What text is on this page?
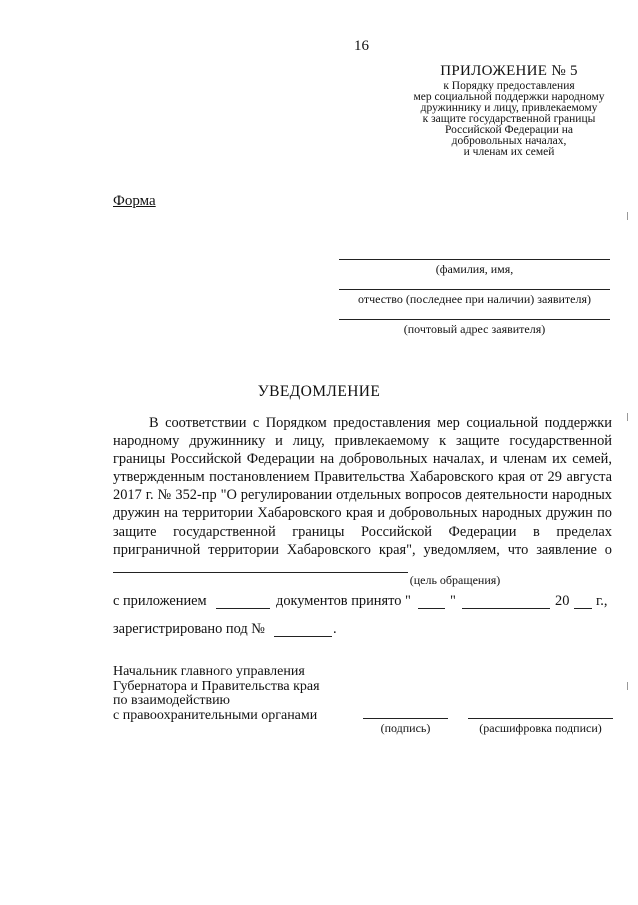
16
ПРИЛОЖЕНИЕ № 5
к Порядку предоставления
мер социальной поддержки народному
дружиннику и лицу, привлекаемому
к защите государственной границы
Российской Федерации на
добровольных началах,
и членам их семей
Форма
(фамилия, имя,
отчество (последнее при наличии) заявителя)
(почтовый адрес заявителя)
УВЕДОМЛЕНИЕ
В соответствии с Порядком предоставления мер социальной поддержки народному дружиннику и лицу, привлекаемому к защите государственной границы Российской Федерации на добровольных началах, и членам их семей, утвержденным постановлением Правительства Хабаровского края от 29 августа 2017 г. № 352-пр "О регулировании отдельных вопросов деятельности народных дружин на территории Хабаровского края и добровольных народных дружин по защите государственной границы Российской Федерации в пределах приграничной территории Хабаровского края", уведомляем, что заявление о
(цель обращения)
с приложением	документов принято "	"	20 г.,
зарегистрировано под №	.
Начальник главного управления
Губернатора и Правительства края
по взаимодействию
с правоохранительными органами
(подпись)	(расшифровка подписи)
